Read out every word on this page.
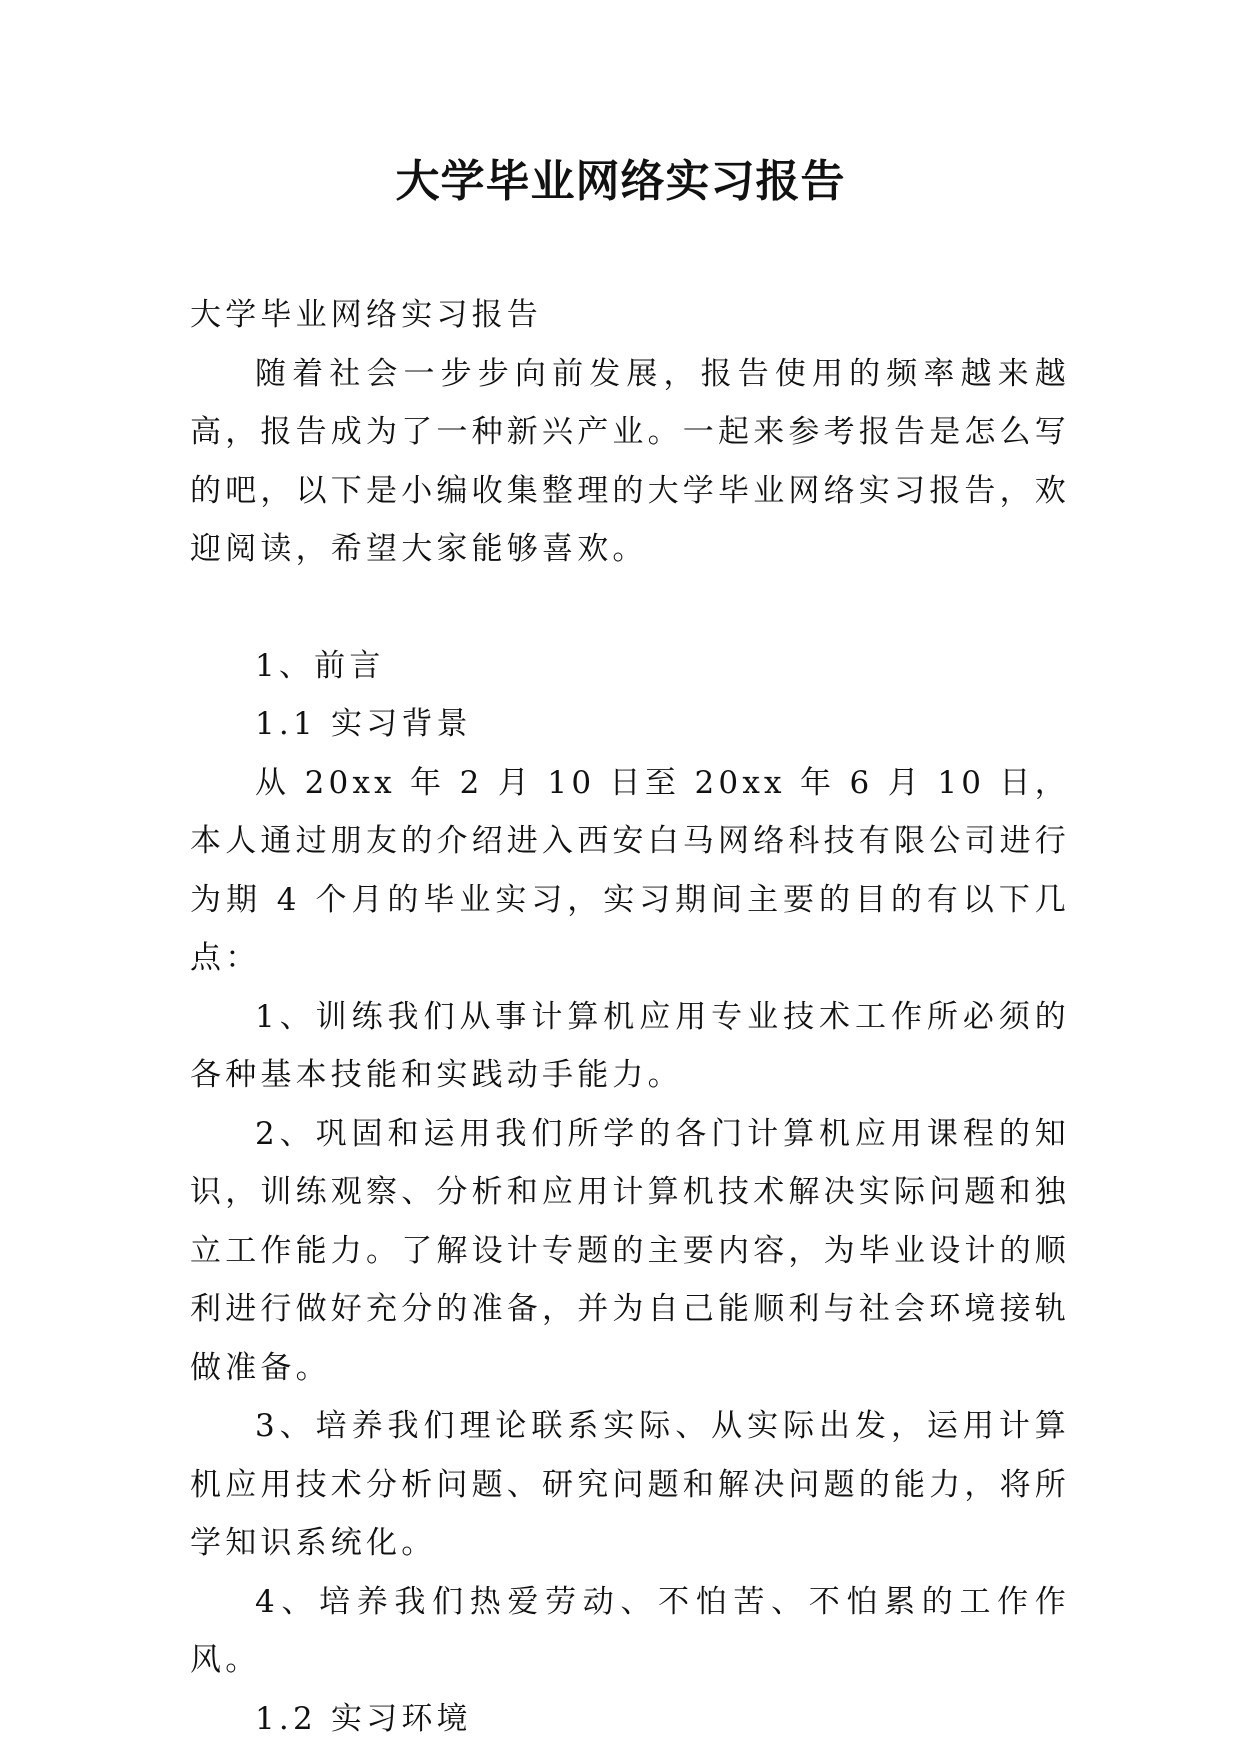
大学毕业网络实习报告

大学毕业网络实习报告

随着社会一步步向前发展，报告使用的频率越来越高，报告成为了一种新兴产业。一起来参考报告是怎么写的吧，以下是小编收集整理的大学毕业网络实习报告，欢迎阅读，希望大家能够喜欢。

1、前言

1.1 实习背景

从 20xx 年 2 月 10 日至 20xx 年 6 月 10 日，本人通过朋友的介绍进入西安白马网络科技有限公司进行为期 4 个月的毕业实习，实习期间主要的目的有以下几点：

1、训练我们从事计算机应用专业技术工作所必须的各种基本技能和实践动手能力。

2、巩固和运用我们所学的各门计算机应用课程的知识，训练观察、分析和应用计算机技术解决实际问题和独立工作能力。了解设计专题的主要内容，为毕业设计的顺利进行做好充分的准备，并为自己能顺利与社会环境接轨做准备。

3、培养我们理论联系实际、从实际出发，运用计算机应用技术分析问题、研究问题和解决问题的能力，将所学知识系统化。

4、培养我们热爱劳动、不怕苦、不怕累的工作作风。

1.2 实习环境
